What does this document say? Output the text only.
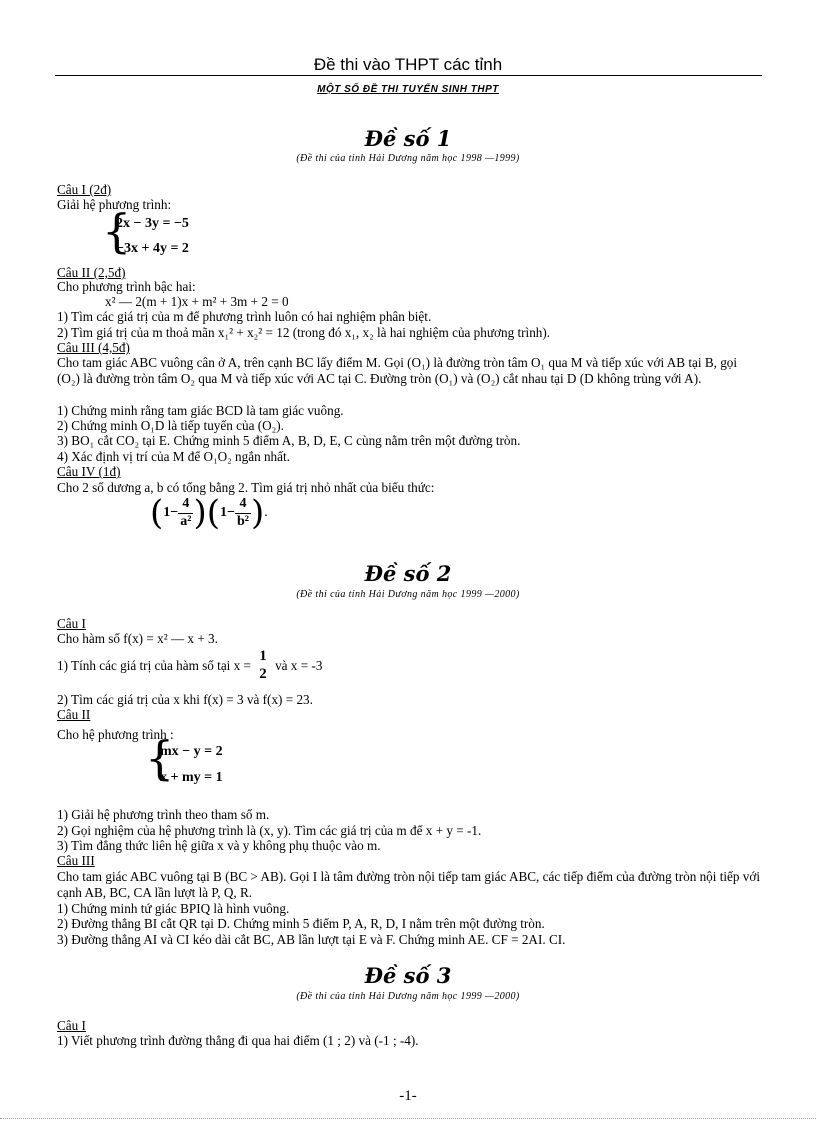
Đề thi vào THPT các tỉnh
MỘT SỐ ĐỀ THI TUYỂN SINH THPT
Đề số 1
(Đề thi của tỉnh Hải Dương năm học 1998 —1999)
Câu I (2đ)
Giải hệ phương trình:
{
2x − 3y = −5
−3x + 4y = 2
Câu II (2,5đ)
Cho phương trình bậc hai:
x² — 2(m + 1)x + m² + 3m + 2 = 0
1) Tìm các giá trị của m để phương trình luôn có hai nghiệm phân biệt.
2) Tìm giá trị của m thoả mãn x₁² + x₂² = 12 (trong đó x₁, x₂ là hai nghiệm của phương trình).
Câu III (4,5đ)
Cho tam giác ABC vuông cân ở A, trên cạnh BC lấy điểm M. Gọi (O₁) là đường tròn tâm O₁ qua M và tiếp xúc với AB tại B, gọi (O₂) là đường tròn tâm O₂ qua M và tiếp xúc với AC tại C. Đường tròn (O₁) và (O₂) cắt nhau tại D (D không trùng với A).
1) Chứng minh rằng tam giác BCD là tam giác vuông.
2) Chứng minh O₁D là tiếp tuyến của (O₂).
3) BO₁ cắt CO₂ tại E. Chứng minh 5 điểm A, B, D, E, C cùng nằm trên một đường tròn.
4) Xác định vị trí của M để O₁O₂ ngắn nhất.
Câu IV (1đ)
Cho 2 số dương a, b có tổng bằng 2. Tìm giá trị nhỏ nhất của biểu thức:
$(1- \frac{4}{\text{a²}} )(1- \frac{4}{\text{b²}}$ ).
Đề số 2
(Đề thi của tỉnh Hải Dương năm học 1999 —2000)
Câu I
Cho hàm số f(x) = x² — x + 3.
1) Tính các giá trị của hàm số tại x =
1
2
và x = -3
2) Tìm các giá trị của x khi f(x) = 3 và f(x) = 23.
Câu II
Cho hệ phương trình :
{
mx − y = 2
x + my = 1
1) Giải hệ phương trình theo tham số m.
2) Gọi nghiệm của hệ phương trình là (x, y). Tìm các giá trị của m để x + y = -1.
3) Tìm đẳng thức liên hệ giữa x và y không phụ thuộc vào m.
Câu III
Cho tam giác ABC vuông tại B (BC > AB). Gọi I là tâm đường tròn nội tiếp tam giác ABC, các tiếp điểm của đường tròn nội tiếp với cạnh AB, BC, CA lần lượt là P, Q, R.
1) Chứng minh tứ giác BPIQ là hình vuông.
2) Đường thẳng BI cắt QR tại D. Chứng minh 5 điểm P, A, R, D, I nằm trên một đường tròn.
3) Đường thẳng AI và CI kéo dài cắt BC, AB lần lượt tại E và F. Chứng minh AE. CF = 2AI. CI.
Đề số 3
(Đề thi của tỉnh Hải Dương năm học 1999 —2000)
Câu I
1) Viết phương trình đường thẳng đi qua hai điểm (1 ; 2) và (-1 ; -4).
-1-
